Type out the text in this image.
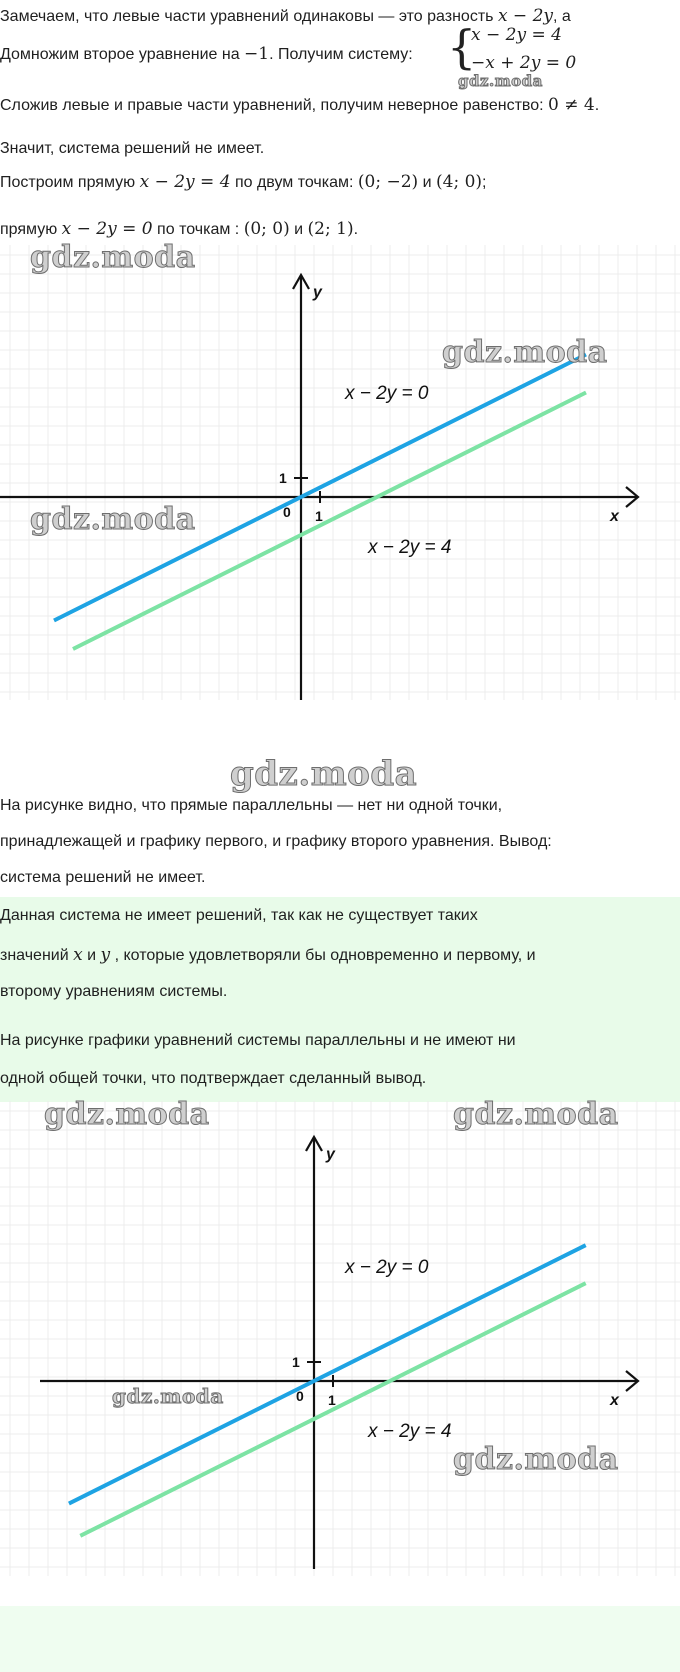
Замечаем, что левые части уравнений одинаковы — это разность x − 2y, а
Домножим второе уравнение на −1. Получим систему: {
x − 2y = 4
−x + 2y = 0
gdz.moda
Сложив левые и правые части уравнений, получим неверное равенство: 0 ≠ 4.
Значит, система решений не имеет.
Построим прямую x − 2y = 4 по двум точкам: (0; −2) и (4; 0);
прямую x − 2y = 0 по точкам : (0; 0) и (2; 1).
x
y
0 1
1
x − 2y = 0
x − 2y = 4
gdz.moda
gdz.moda
gdz.moda
gdz.moda
На рисунке видно, что прямые параллельны — нет ни одной точки,
принадлежащей и графику первого, и графику второго уравнения. Вывод:
система решений не имеет.
Данная система не имеет решений, так как не существует таких
значений x и y , которые удовлетворяли бы одновременно и первому, и
второму уравнениям системы.
На рисунке графики уравнений системы параллельны и не имеют ни
одной общей точки, что подтверждает сделанный вывод.
x
y
0 1
1
x − 2y = 0
x − 2y = 4
gdz.moda	gdz.moda
gdz.moda
gdz.moda
